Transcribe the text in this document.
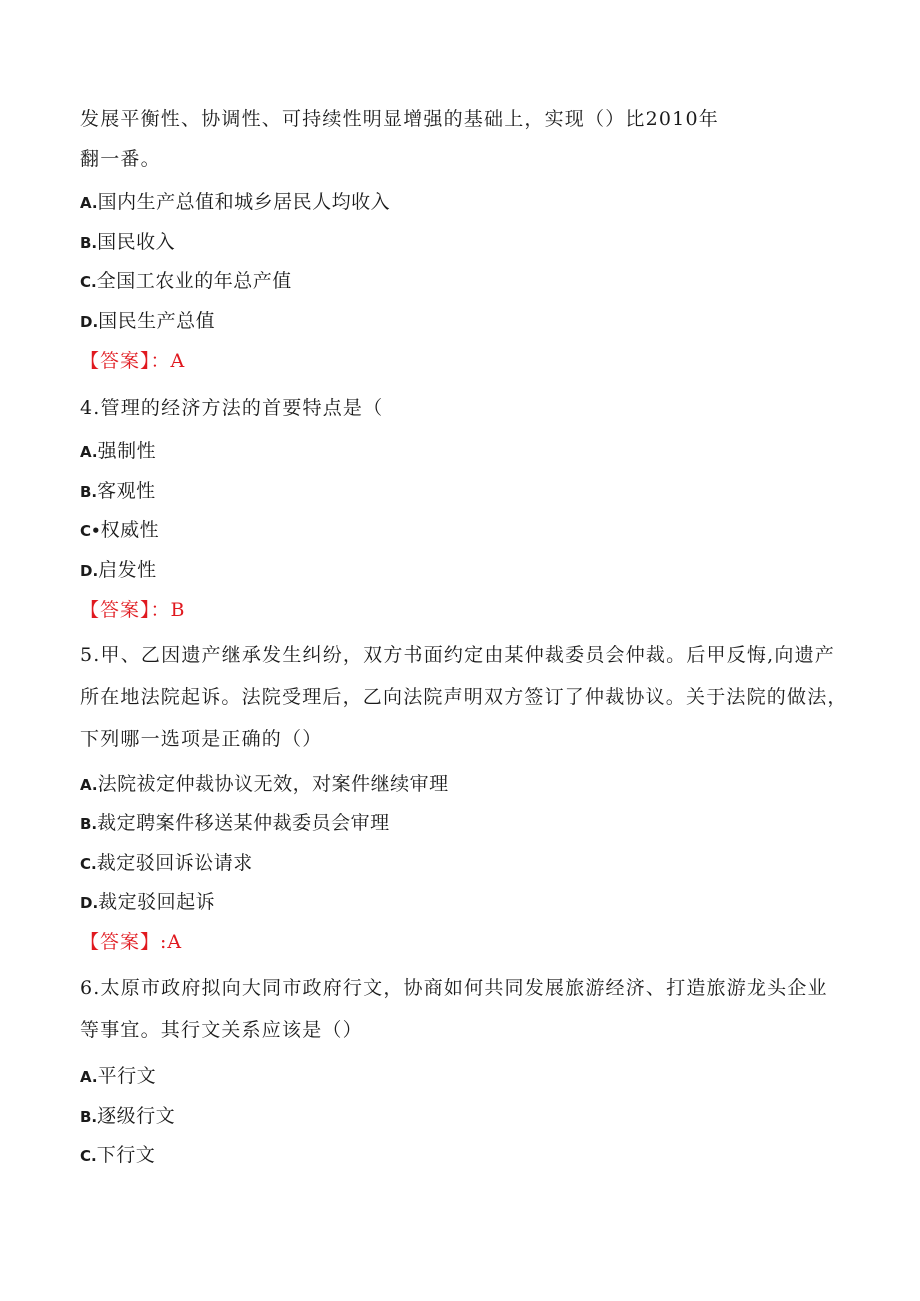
发展平衡性、协调性、可持续性明显增强的基础上，实现（）比2010年
翻一番。
A.国内生产总值和城乡居民人均收入
B.国民收入
C.全国工农业的年总产值
D.国民生产总值
【答案】：A
4.管理的经济方法的首要特点是（
A.强制性
B.客观性
C•权威性
D.启发性
【答案】：B
5.甲、乙因遗产继承发生纠纷，双方书面约定由某仲裁委员会仲裁。后甲反悔,向遗产
所在地法院起诉。法院受理后，乙向法院声明双方签订了仲裁协议。关于法院的做法，
下列哪一选项是正确的（）
A.法院祓定仲裁协议无效，对案件继续审理
B.裁定聘案件移送某仲裁委员会审理
C.裁定驳回诉讼请求
D.裁定驳回起诉
【答案】:A
6.太原市政府拟向大同市政府行文，协商如何共同发展旅游经济、打造旅游龙头企业
等事宜。其行文关系应该是（）
A.平行文
B.逐级行文
C.下行文
